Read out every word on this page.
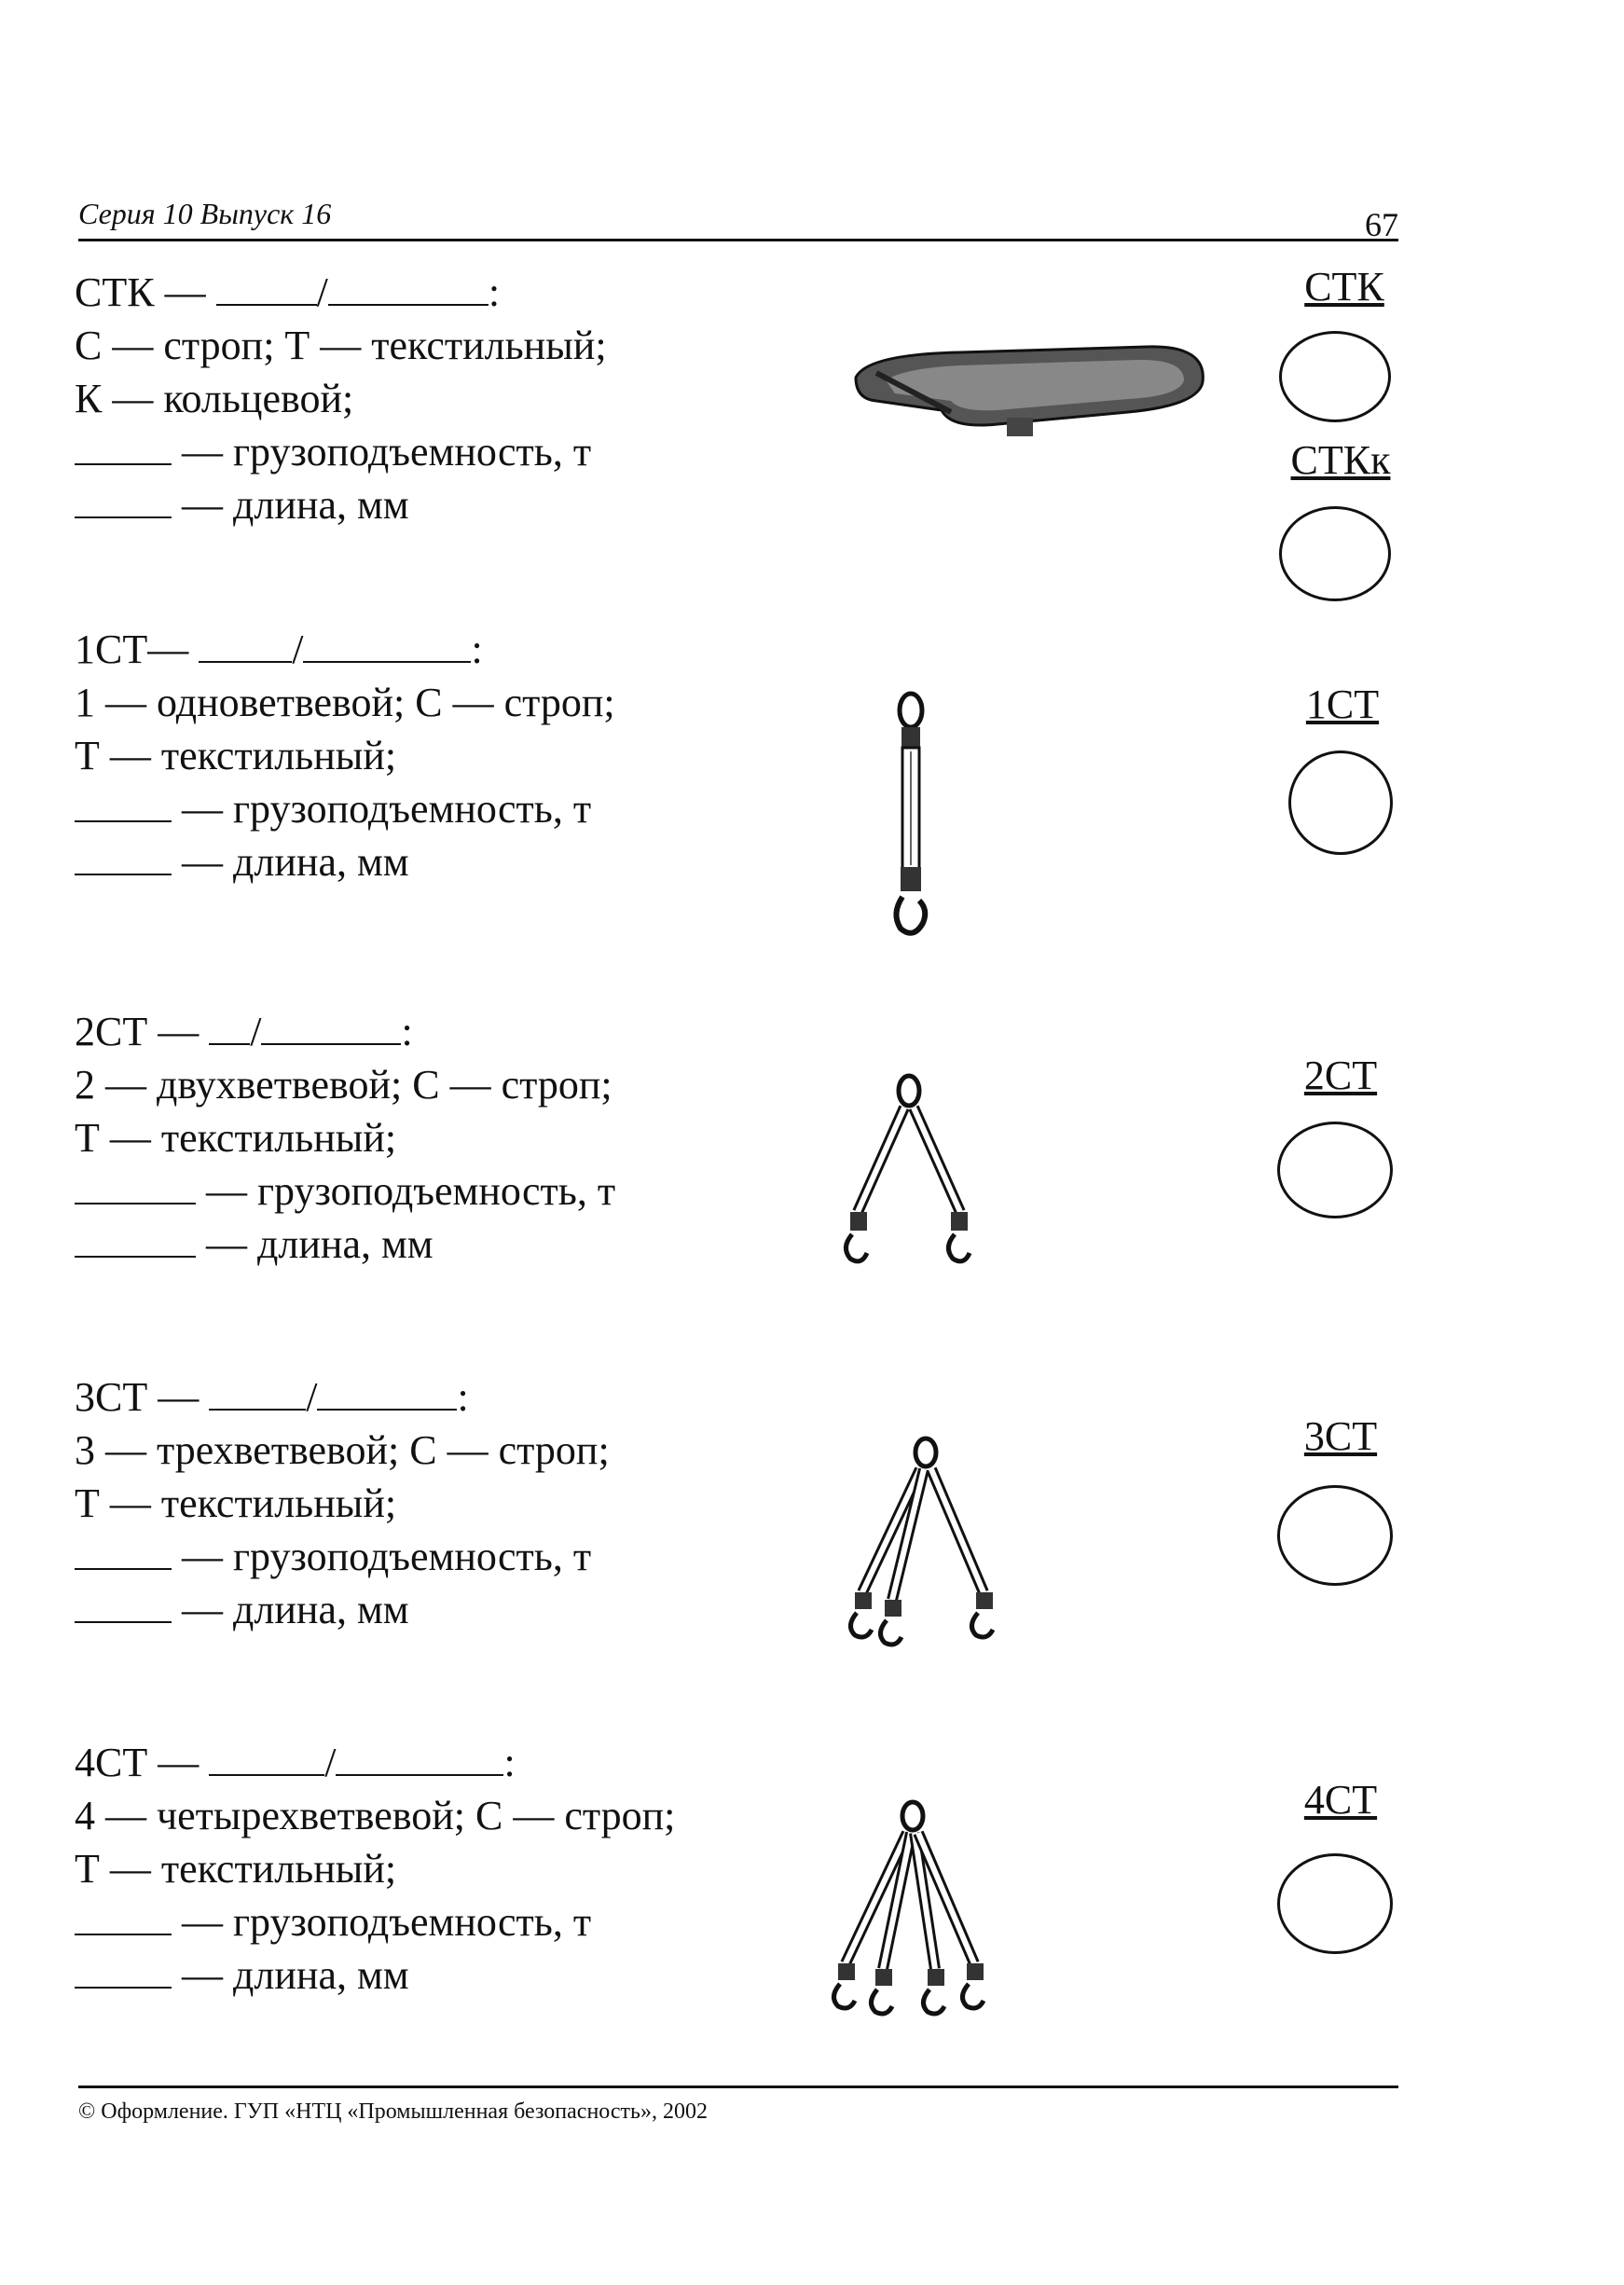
Серия 10 Выпуск 16	67
СТК —	/	:
С — строп; Т — текстильный;
К — кольцевой;
— грузоподъемность, т
— длина, мм
1СТ—	/	:
1 — одноветвевой; С — строп;
Т — текстильный;
— грузоподъемность, т
— длина, мм
2СТ — /	:
2 — двухветвевой; С — строп;
Т — текстильный;
— грузоподъемность, т
— длина, мм
3СТ —	/	:
3 — трехветвевой; С — строп;
Т — текстильный;
— грузоподъемность, т
— длина, мм
4СТ —	/	:
4 — четырехветвевой; С — строп;
Т — текстильный;
— грузоподъемность, т
— длина, мм
СТК
СТКк
1СТ
2СТ
3СТ
4СТ
© Оформление. ГУП «НТЦ «Промышленная безопасность», 2002
